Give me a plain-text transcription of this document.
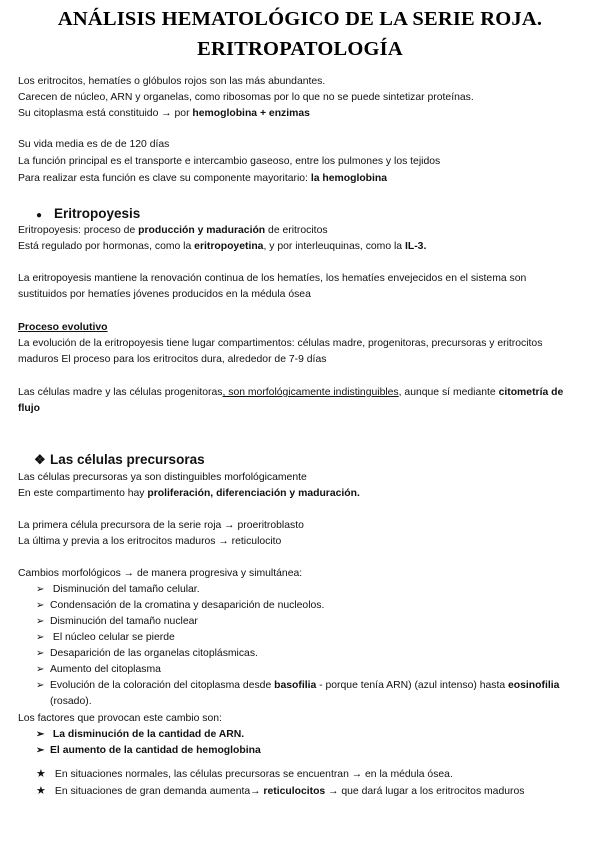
ANÁLISIS HEMATOLÓGICO DE LA SERIE ROJA.
ERITROPATOLOGÍA
Los eritrocitos, hematíes o glóbulos rojos son las más abundantes.
Carecen de núcleo, ARN y organelas, como ribosomas por lo que no se puede sintetizar proteínas.
Su citoplasma está constituido → por hemoglobina + enzimas
Su vida media es de de 120 días
La función principal es el transporte e intercambio gaseoso, entre los pulmones y los tejidos
Para realizar esta función es clave su componente mayoritario: la hemoglobina
● Eritropoyesis
Eritropoyesis: proceso de producción y maduración de eritrocitos
Está regulado por hormonas, como la eritropoyetina, y por interleuquinas, como la IL-3.
La eritropoyesis mantiene la renovación continua de los hematíes, los hematíes envejecidos en el sistema son
sustituidos por hematíes jóvenes producidos en la médula ósea
Proceso evolutivo
La evolución de la eritropoyesis tiene lugar compartimentos: células madre, progenitoras, precursoras y eritrocitos
maduros El proceso para los eritrocitos dura, alrededor de 7-9 días
Las células madre y las células progenitoras, son morfológicamente indistinguibles, aunque sí mediante citometría de
flujo
❖ Las células precursoras
Las células precursoras ya son distinguibles morfológicamente
En este compartimento hay proliferación, diferenciación y maduración.
La primera célula precursora de la serie roja → proeritroblasto
La última y previa a los eritrocitos maduros → reticulocito
Cambios morfológicos → de manera progresiva y simultánea:
➢ Disminución del tamaño celular.
➢ Condensación de la cromatina y desaparición de nucleolos.
➢ Disminución del tamaño nuclear
➢ El núcleo celular se pierde
➢ Desaparición de las organelas citoplásmicas.
➢ Aumento del citoplasma
➢ Evolución de la coloración del citoplasma desde basofilia - porque tenía ARN) (azul intenso) hasta eosinofilia
(rosado).
Los factores que provocan este cambio son:
➢ La disminución de la cantidad de ARN.
➢ El aumento de la cantidad de hemoglobina
★ En situaciones normales, las células precursoras se encuentran → en la médula ósea.
★ En situaciones de gran demanda aumenta→ reticulocitos → que dará lugar a los eritrocitos maduros
